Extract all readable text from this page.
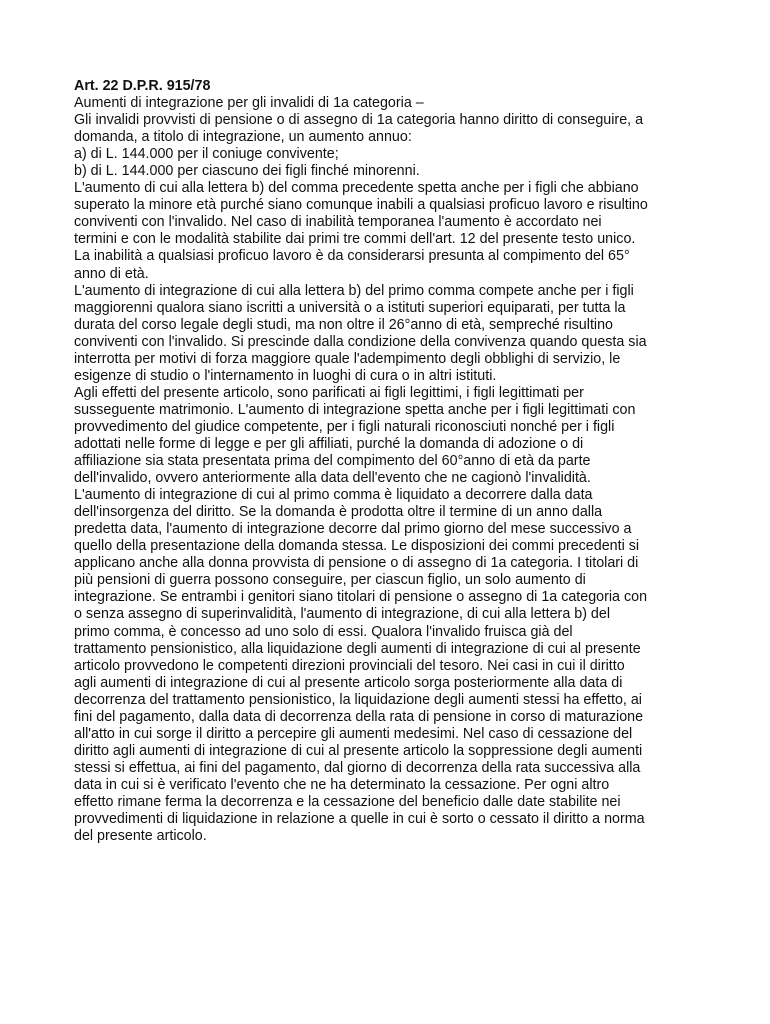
Art. 22 D.P.R. 915/78
Aumenti di integrazione per gli invalidi di 1a categoria –
Gli invalidi provvisti di pensione o di assegno di 1a categoria hanno diritto di conseguire, a
domanda, a titolo di integrazione, un aumento annuo:
a) di L. 144.000 per il coniuge convivente;
b) di L. 144.000 per ciascuno dei figli finché minorenni.
L'aumento di cui alla lettera b) del comma precedente spetta anche per i figli che abbiano
superato la minore età purché siano comunque inabili a qualsiasi proficuo lavoro e risultino
conviventi con l'invalido. Nel caso di inabilità temporanea l'aumento è accordato nei
termini e con le modalità stabilite dai primi tre commi dell'art. 12 del presente testo unico.
La inabilità a qualsiasi proficuo lavoro è da considerarsi presunta al compimento del 65°
anno di età.
L'aumento di integrazione di cui alla lettera b) del primo comma compete anche per i figli
maggiorenni qualora siano iscritti a università o a istituti superiori equiparati, per tutta la
durata del corso legale degli studi, ma non oltre il 26°anno di età, sempreché risultino
conviventi con l'invalido. Si prescinde dalla condizione della convivenza quando questa sia
interrotta per motivi di forza maggiore quale l'adempimento degli obblighi di servizio, le
esigenze di studio o l'internamento in luoghi di cura o in altri istituti.
Agli effetti del presente articolo, sono parificati ai figli legittimi, i figli legittimati per
susseguente matrimonio. L'aumento di integrazione spetta anche per i figli legittimati con
provvedimento del giudice competente, per i figli naturali riconosciuti nonché per i figli
adottati nelle forme di legge e per gli affiliati, purché la domanda di adozione o di
affiliazione sia stata presentata prima del compimento del 60°anno di età da parte
dell'invalido, ovvero anteriormente alla data dell'evento che ne cagionò l'invalidità.
L'aumento di integrazione di cui al primo comma è liquidato a decorrere dalla data
dell'insorgenza del diritto. Se la domanda è prodotta oltre il termine di un anno dalla
predetta data, l'aumento di integrazione decorre dal primo giorno del mese successivo a
quello della presentazione della domanda stessa. Le disposizioni dei commi precedenti si
applicano anche alla donna provvista di pensione o di assegno di 1a categoria. I titolari di
più pensioni di guerra possono conseguire, per ciascun figlio, un solo aumento di
integrazione. Se entrambi i genitori siano titolari di pensione o assegno di 1a categoria con
o senza assegno di superinvalidità, l'aumento di integrazione, di cui alla lettera b) del
primo comma, è concesso ad uno solo di essi. Qualora l'invalido fruisca già del
trattamento pensionistico, alla liquidazione degli aumenti di integrazione di cui al presente
articolo provvedono le competenti direzioni provinciali del tesoro. Nei casi in cui il diritto
agli aumenti di integrazione di cui al presente articolo sorga posteriormente alla data di
decorrenza del trattamento pensionistico, la liquidazione degli aumenti stessi ha effetto, ai
fini del pagamento, dalla data di decorrenza della rata di pensione in corso di maturazione
all'atto in cui sorge il diritto a percepire gli aumenti medesimi. Nel caso di cessazione del
diritto agli aumenti di integrazione di cui al presente articolo la soppressione degli aumenti
stessi si effettua, ai fini del pagamento, dal giorno di decorrenza della rata successiva alla
data in cui si è verificato l'evento che ne ha determinato la cessazione. Per ogni altro
effetto rimane ferma la decorrenza e la cessazione del beneficio dalle date stabilite nei
provvedimenti di liquidazione in relazione a quelle in cui è sorto o cessato il diritto a norma
del presente articolo.
